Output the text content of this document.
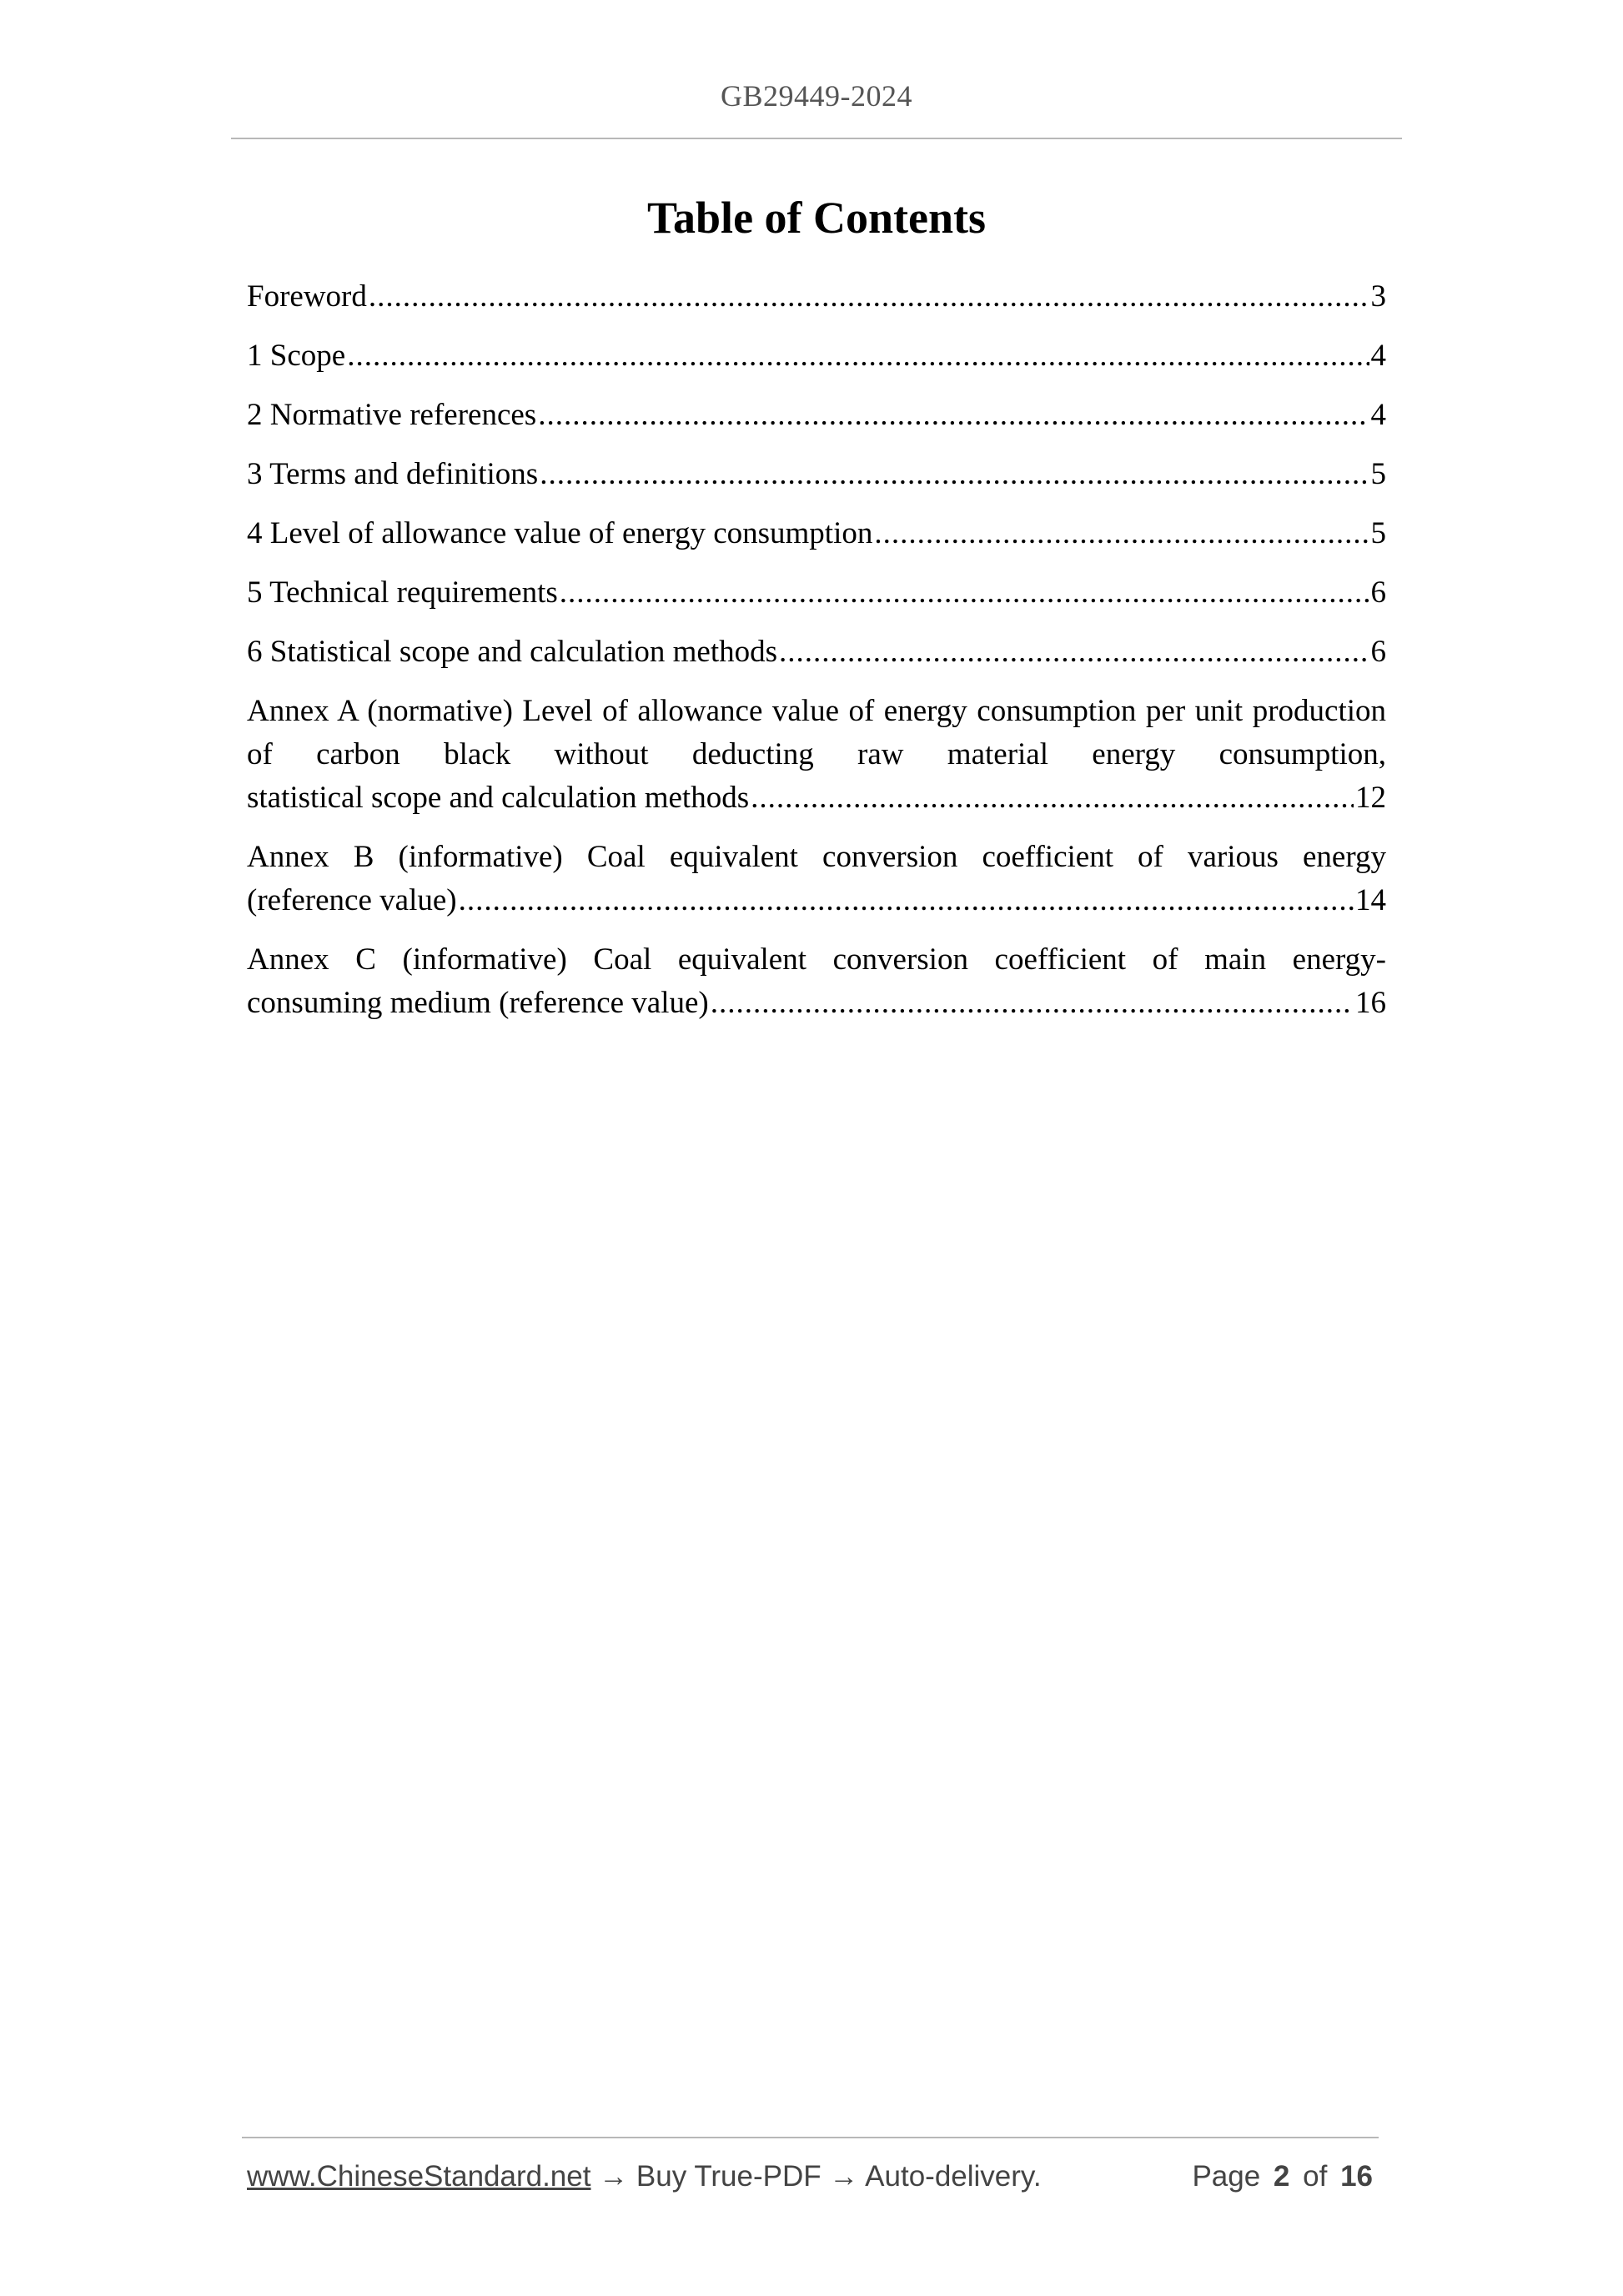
GB29449-2024
Table of Contents
Foreword
.....	3
1 Scope
.....	4
2 Normative references
.....	4
3 Terms and definitions
.....	5
4 Level of allowance value of energy consumption
.....	5
5 Technical requirements
.....	6
6 Statistical scope and calculation methods
.....	6
Annex A (normative) Level of allowance value of energy consumption per unit production of carbon black without deducting raw material energy consumption,
statistical scope and calculation methods
.....	12
Annex B (informative) Coal equivalent conversion coefficient of various energy
(reference value)
.....	14
Annex C (informative) Coal equivalent conversion coefficient of main energy-
consuming medium (reference value)
.....	16
www.ChineseStandard.net → Buy True-PDF → Auto-delivery.	Page 2 of 16
